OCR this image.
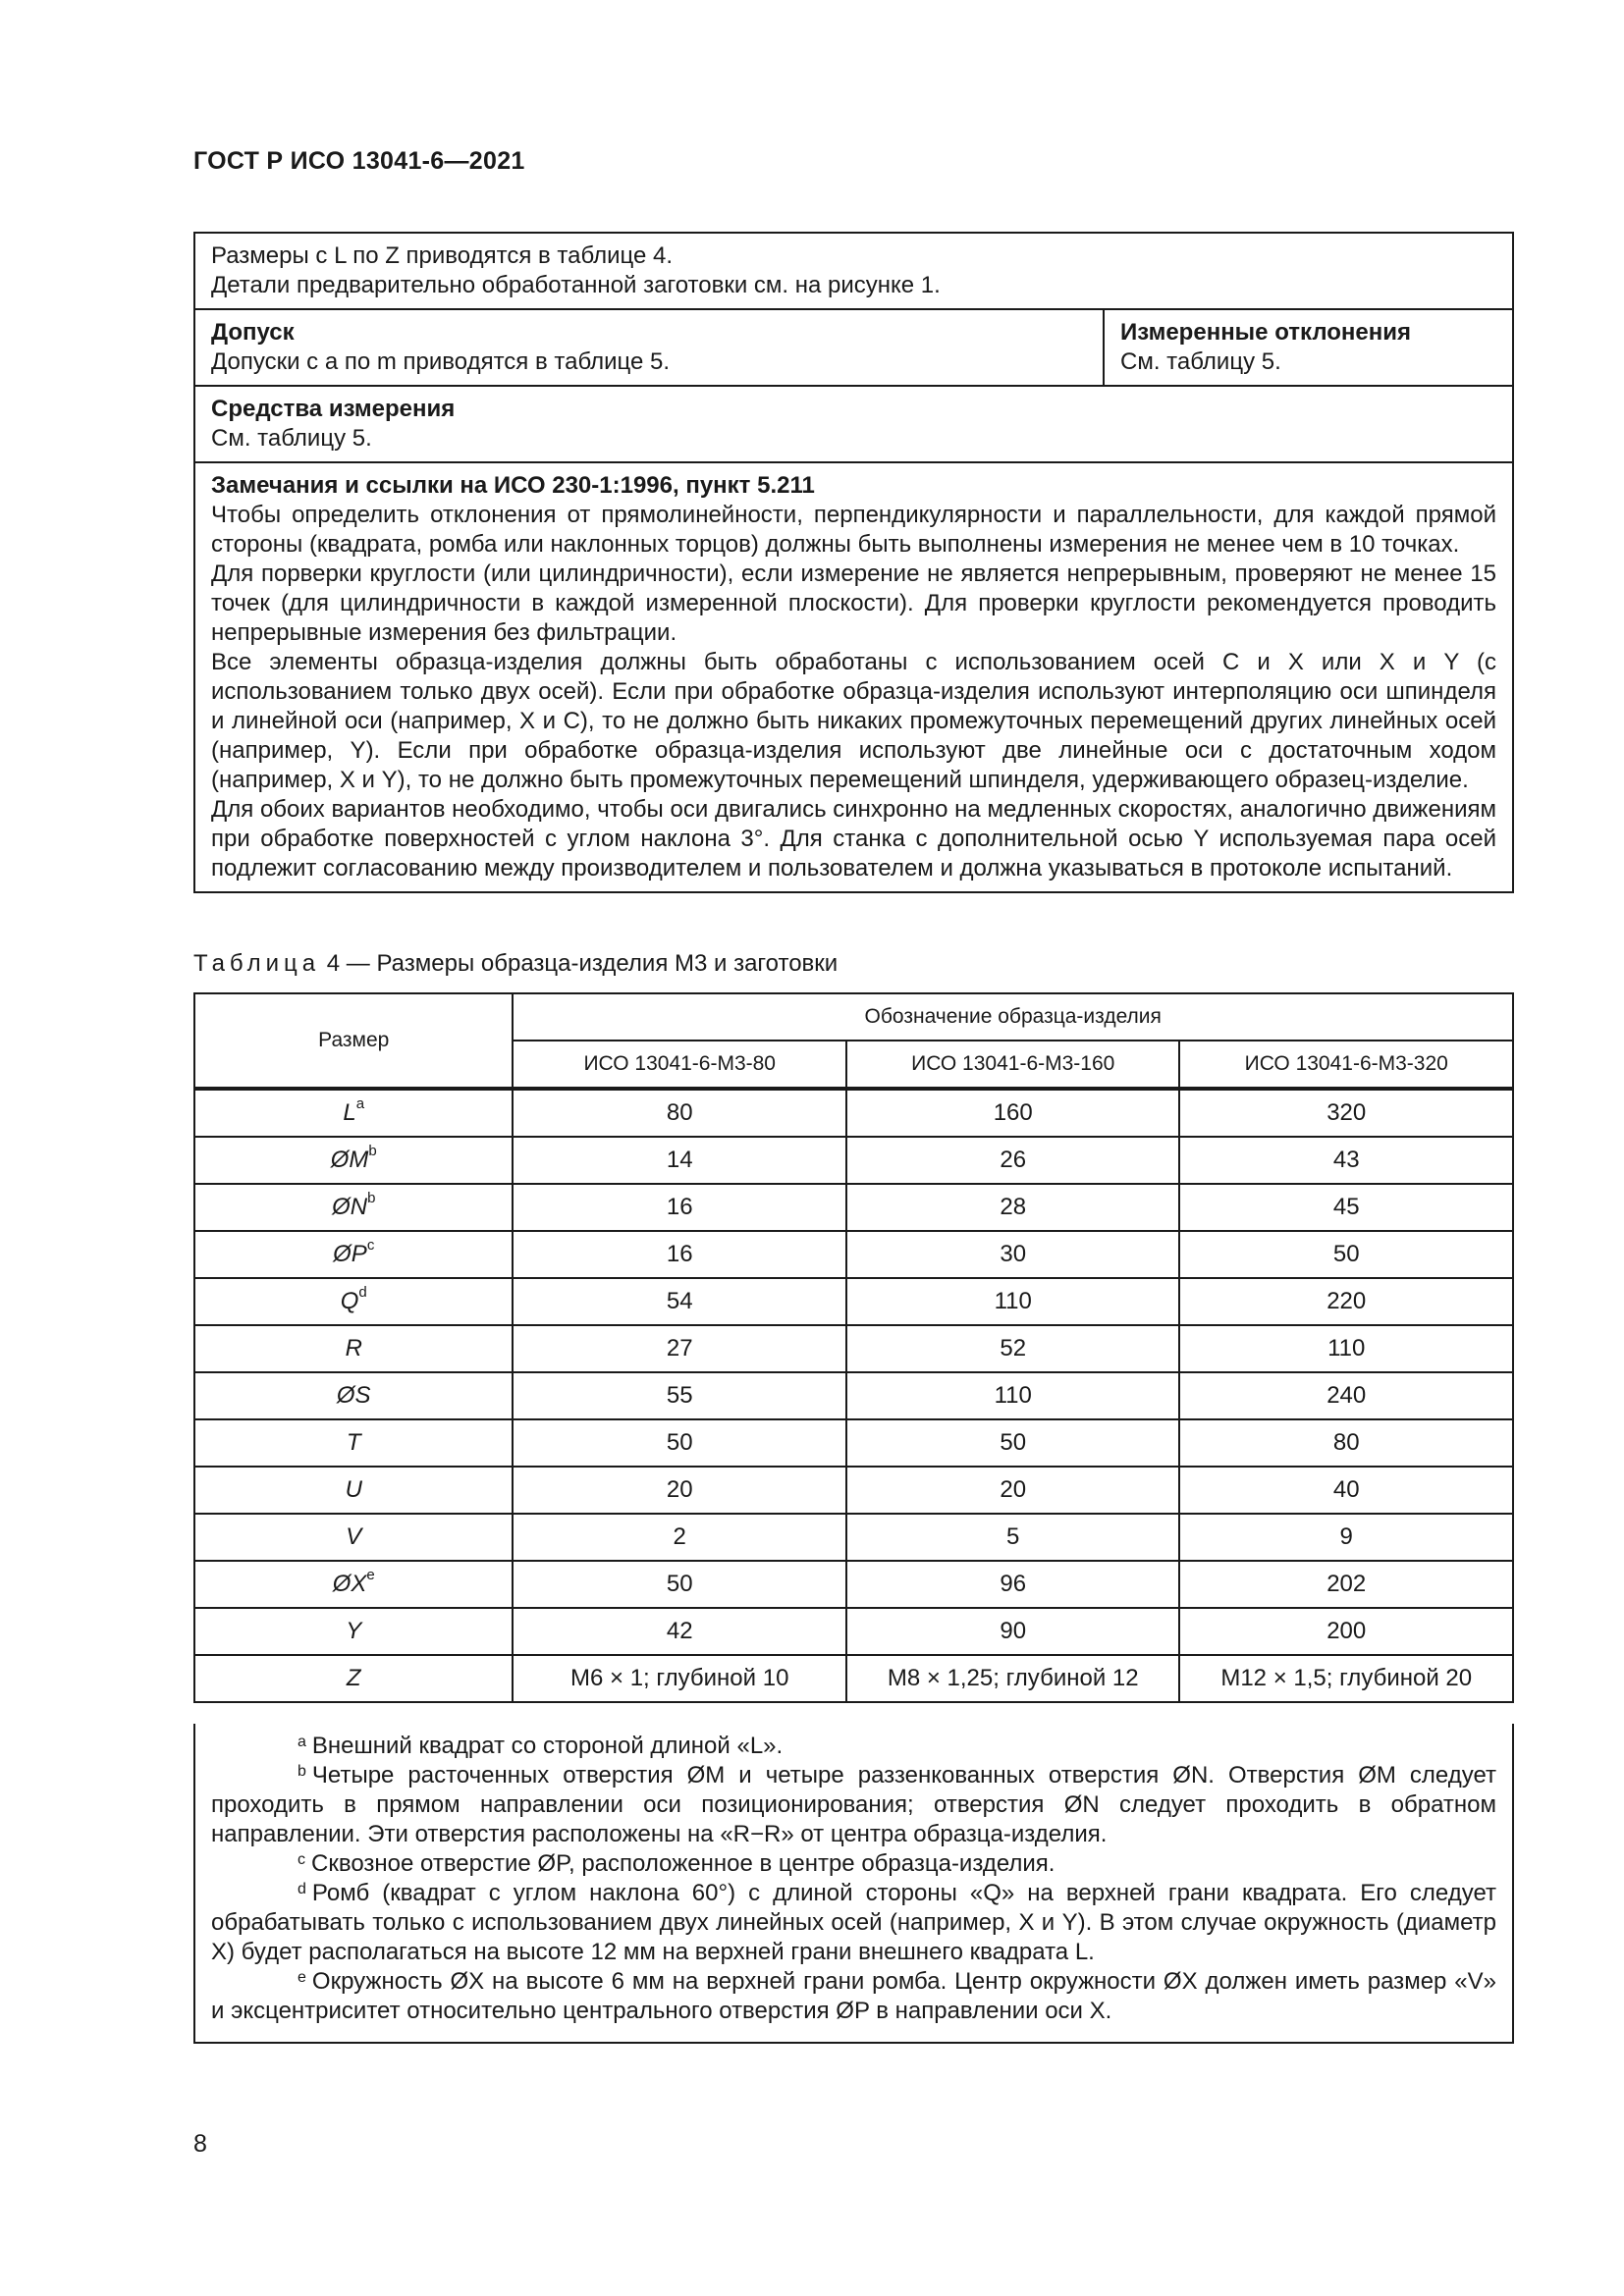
ГОСТ Р ИСО 13041-6—2021
Размеры с L по Z приводятся в таблице 4.
Детали предварительно обработанной заготовки см. на рисунке 1.
Допуск
Допуски с a по m приводятся в таблице 5.
Измеренные отклонения
См. таблицу 5.
Средства измерения
См. таблицу 5.
Замечания и ссылки на ИСО 230-1:1996, пункт 5.211

Чтобы определить отклонения от прямолинейности, перпендикулярности и параллельности, для каждой прямой стороны (квадрата, ромба или наклонных торцов) должны быть выполнены измерения не менее чем в 10 точках.

Для порверки круглости (или цилиндричности), если измерение не является непрерывным, проверяют не менее 15 точек (для цилиндричности в каждой измеренной плоскости). Для проверки круглости рекомендуется проводить непрерывные измерения без фильтрации.

Все элементы образца-изделия должны быть обработаны с использованием осей C и X или X и Y (с использованием только двух осей). Если при обработке образца-изделия используют интерполяцию оси шпинделя и линейной оси (например, X и C), то не должно быть никаких промежуточных перемещений других линейных осей (например, Y). Если при обработке образца-изделия используют две линейные оси с достаточным ходом (например, X и Y), то не должно быть промежуточных перемещений шпинделя, удерживающего образец-изделие.

Для обоих вариантов необходимо, чтобы оси двигались синхронно на медленных скоростях, аналогично движениям при обработке поверхностей с углом наклона 3°. Для станка с дополнительной осью Y используемая пара осей подлежит согласованию между производителем и пользователем и должна указываться в протоколе испытаний.

Таблица 4 — Размеры образца-изделия М3 и заготовки
Размер	Обозначение образца-изделия		
	ИСО 13041-6-М3-80	ИСО 13041-6-М3-160	ИСО 13041-6-М3-320
$L^a$	80	160	320
$ØM^b$	14	26	43
$ØN^b$	16	28	45
$ØP^c$	16	30	50
$Q^d$	54	110	220
R	27	52	110
ØS	55	110	240
T	50	50	80
U	20	20	40
V	2	5	9
ØXe	50	96	202
Y	42	90	200
Z	M6 × 1; глубиной 10	M8 × 1,25; глубиной 12	M12 × 1,5; глубиной 20

$^a$ Внешний квадрат со стороной длиной «L».

$^b$ Четыре расточенных отверстия ØM и четыре раззенкованных отверстия ØN. Отверстия ØM следует проходить в прямом направлении оси позиционирования; отверстия ØN следует проходить в обратном направлении. Эти отверстия расположены на «R−R» от центра образца-изделия.

$^c$ Сквозное отверстие ØP, расположенное в центре образца-изделия.

$^d$ Ромб (квадрат с углом наклона 60°) с длиной стороны «Q» на верхней грани квадрата. Его следует обрабатывать только с использованием двух линейных осей (например, X и Y). В этом случае окружность (диаметр X) будет располагаться на высоте 12 мм на верхней грани внешнего квадрата L.

$^e$ Окружность ØX на высоте 6 мм на верхней грани ромба. Центр окружности ØX должен иметь размер «V» и эксцентриситет относительно центрального отверстия ØP в направлении оси X.

8
